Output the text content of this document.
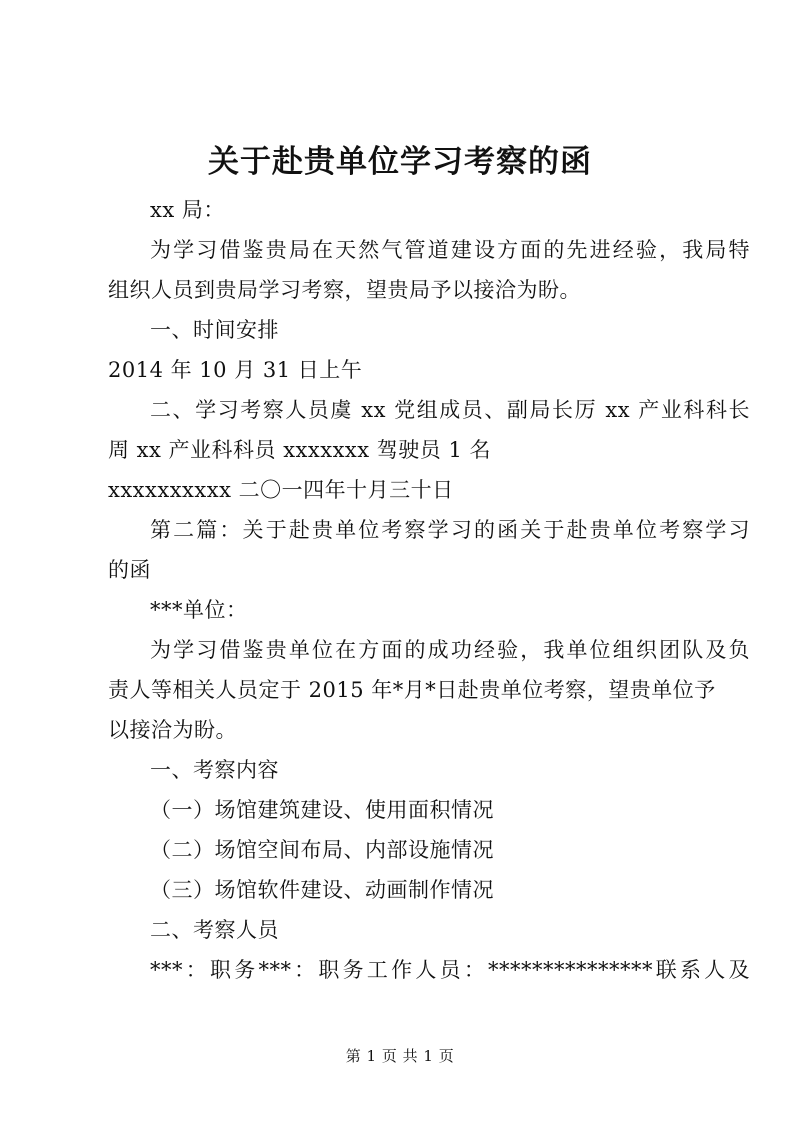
关于赴贵单位学习考察的函
xx 局：
为学习借鉴贵局在天然气管道建设方面的先进经验，我局特
组织人员到贵局学习考察，望贵局予以接洽为盼。
一、时间安排
2014 年 10 月 31 日上午
二、学习考察人员虞 xx 党组成员、副局长厉 xx 产业科科长
周 xx 产业科科员 xxxxxxx 驾驶员 1 名
xxxxxxxxxx 二〇一四年十月三十日
第二篇：关于赴贵单位考察学习的函关于赴贵单位考察学习
的函
***单位：
为学习借鉴贵单位在方面的成功经验，我单位组织团队及负
责人等相关人员定于 2015 年*月*日赴贵单位考察，望贵单位予
以接洽为盼。
一、考察内容
（一）场馆建筑建设、使用面积情况
（二）场馆空间布局、内部设施情况
（三）场馆软件建设、动画制作情况
二、考察人员
***：职务***：职务工作人员：***************联系人及
第 1 页 共 1 页
